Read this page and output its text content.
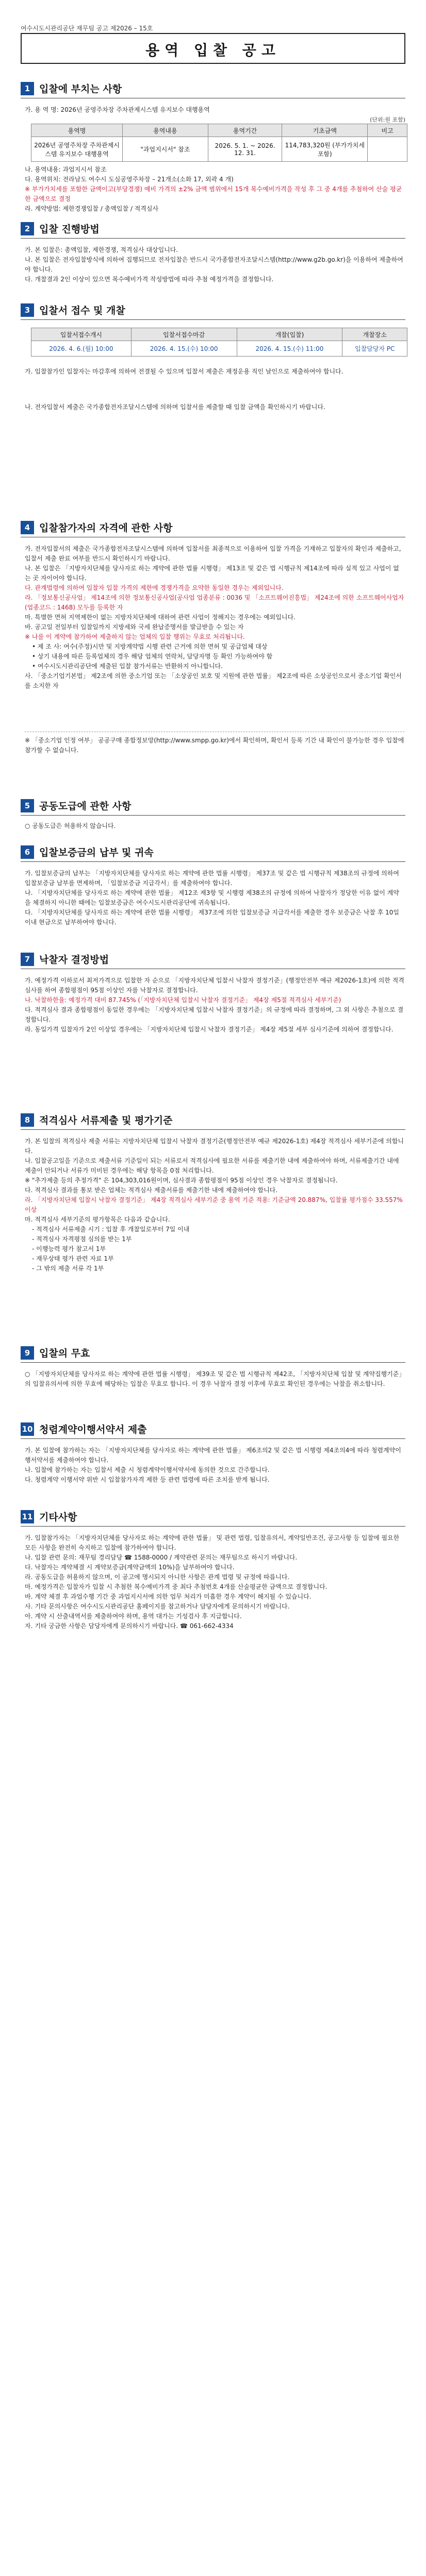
여수시도시관리공단 재무팀 공고 제2026 – 15호
용역 입찰 공고
1 입찰에 부치는 사항
가. 용 역 명: 2026년 공영주차장 주차관제시스템 유지보수 대행용역
(단위:원 포함)
용역명	용역내용	용역기간	기초금액	비고
2026년 공영주차장 주차관제시스템 유지보수 대행용역	"과업지시서" 참조	2026. 5. 1. ~ 2026. 12. 31.	114,783,320원 (부가가치세 포함)	
나. 용역내용: 과업지시서 참조
다. 용역위치: 전라남도 여수시 도심공영주차장 – 21개소(소화 17, 외곽 4 개)
※ 부가가치세를 포함한 금액이고(부당경쟁) 예비 가격의 ±2% 금액 범위에서 15개 복수예비가격을 작성 후 그 중 4개를 추첨하여 산술 평균한 금액으로 결정
라. 계약방법: 제한경쟁입찰 / 총액입찰 / 적격심사
2 입찰 진행방법
가. 본 입찰은: 총액입찰, 제한경쟁, 적격심사 대상입니다.
나. 본 입찰은 전자입찰방식에 의하여 집행되므로 전자입찰은 반드시 국가종합전자조달시스템(http://www.g2b.go.kr)을 이용하여 제출하여야 합니다.
다. 개찰결과 2인 이상이 있으면 복수예비가격 작성방법에 따라 추첨 예정가격을 결정합니다.
3 입찰서 접수 및 개찰
입찰서접수개시	입찰서접수마감	개찰(입찰)	개찰장소
2026. 4. 6.(월) 10:00	2026. 4. 15.(수) 10:00	2026. 4. 15.(수) 11:00	입찰담당자 PC
가. 입찰참가인 입찰자는 마감후에 의하여 전결될 수 있으며 입찰서 제출은 재정운용 직인 날인으로 제출하여야 합니다.
나. 전자입찰서 제출은 국가종합전자조달시스템에 의하며 입찰서를 제출할 때 입찰 금액을 확인하시기 바랍니다.
4 입찰참가자의 자격에 관한 사항
가. 전자입찰서의 제출은 국가종합전자조달시스템에 의하며 입찰서를 최종적으로 이용하여 입찰 가격을 기재하고 입찰자의 확인과 제출하고, 입찰서 제출 완료 여부를 반드시 확인하시기 바랍니다.
나. 본 입찰은 「지방자치단체를 당사자로 하는 계약에 관한 법률 시행령」 제13조 및 같은 법 시행규칙 제14조에 따라 실적 있고 사업이 없는 곳 자이어야 합니다.
다. 관계법령에 의하여 입찰자 입찰 가격의 제한에 경쟁가격을 요약한 동일한 경우는 제외입니다.
라. 「정보통신공사업」 제14조에 의한 정보통신공사업(공사업 업종분류 : 0036 및 「소프트웨어진흥법」 제24조에 의한 소프트웨어사업자(업종코드 : 1468) 모두를 등록한 자
마. 특별한 면허 지역제한이 없는 지방자치단체에 대하여 관련 사업이 정해지는 경우에는 예외입니다.
바. 공고일 전일부터 입찰일까지 지방세와 국세 완납증명서를 발급받을 수 있는 자
※ 나를 이 계약에 참가하여 제출하지 않는 업체의 입찰 행위는 무효로 처리됩니다.
• 제 조 사: 여수(주정)시만 및 지방계약법 시행 관련 근거에 의한 면허 및 공급업체 대상
• 상기 내용에 따른 등록업체의 경우 해당 업체의 연락처, 담당자명 등 확인 가능하여야 함
• 여수시도시관리공단에 제출된 입찰 참가서류는 반환하지 아니합니다.
사. 「중소기업기본법」 제2조에 의한 중소기업 또는 「소상공인 보호 및 지원에 관한 법률」 제2조에 따른 소상공인으로서 중소기업 확인서를 소지한 자
※ 「중소기업 인정 여부」 공공구매 종합정보망(http://www.smpp.go.kr)에서 확인하며, 확인서 등록 기간 내 확인이 불가능한 경우 입찰에 참가할 수 없습니다.
5 공동도급에 관한 사항
○ 공동도급은 허용하지 않습니다.
6 입찰보증금의 납부 및 귀속
가. 입찰보증금의 납부는 「지방자치단체를 당사자로 하는 계약에 관한 법률 시행령」 제37조 및 같은 법 시행규칙 제38조의 규정에 의하여 입찰보증금 납부를 면제하며, 「입찰보증금 지급각서」를 제출하여야 합니다.
나. 「지방자치단체를 당사자로 하는 계약에 관한 법률」 제12조 제3항 및 시행령 제38조의 규정에 의하여 낙찰자가 정당한 이유 없이 계약을 체결하지 아니한 때에는 입찰보증금은 여수시도시관리공단에 귀속됩니다.
다. 「지방자치단체를 당사자로 하는 계약에 관한 법률 시행령」 제37조에 의한 입찰보증금 지급각서를 제출한 경우 보증금은 낙찰 후 10일 이내 현금으로 납부하여야 합니다.
7 낙찰자 결정방법
가. 예정가격 이하로서 최저가격으로 입찰한 자 순으로 「지방자치단체 입찰시 낙찰자 결정기준」(행정안전부 예규 제2026-1호)에 의한 적격심사를 하여 종합평점이 95점 이상인 자를 낙찰자로 결정합니다.
나. 낙찰하한율: 예정가격 대비 87.745% (「지방자치단체 입찰시 낙찰자 결정기준」 제4장 제5절 적격심사 세부기준)
다. 적격심사 결과 종합평점이 동일한 경우에는 「지방자치단체 입찰시 낙찰자 결정기준」의 규정에 따라 결정하며, 그 외 사항은 추첨으로 결정합니다.
라. 동일가격 입찰자가 2인 이상일 경우에는 「지방자치단체 입찰시 낙찰자 결정기준」 제4장 제5절 세부 심사기준에 의하여 결정합니다.
8 적격심사 서류제출 및 평가기준
가. 본 입찰의 적격심사 제출 서류는 지방자치단체 입찰시 낙찰자 결정기준(행정안전부 예규 제2026-1호) 제4장 적격심사 세부기준에 의합니다.
나. 입찰공고일을 기준으로 제출서류 기준일이 되는 서류로서 적격심사에 필요한 서류를 제출기한 내에 제출하여야 하며, 서류제출기간 내에 제출이 안되거나 서류가 미비된 경우에는 해당 항목을 0점 처리합니다.
※ "추가제출 등의 추정가격" 은 104,303,016원이며, 심사결과 종합평점이 95점 이상인 경우 낙찰자로 결정됩니다.
다. 적격심사 결과를 통보 받은 업체는 적격심사 제출서류를 제출기한 내에 제출하여야 합니다.
라. 「지방자치단체 입찰시 낙찰자 결정기준」 제4장 적격심사 세부기준 중 용역 기준 적용: 기준금액 20.887%, 입찰률 평가점수 33.557% 이상
마. 적격심사 세부기준의 평가항목은 다음과 같습니다.
- 적격심사 서류제출 시기 : 입찰 후 개찰일로부터 7일 이내
- 적격심사 자격평점 심의를 받는 1부
- 이행능력 평가 참고서 1부
- 재무상태 평가 관련 자료 1부
- 그 밖의 제출 서류 각 1부
9 입찰의 무효
○ 「지방자치단체를 당사자로 하는 계약에 관한 법률 시행령」 제39조 및 같은 법 시행규칙 제42조, 「지방자치단체 입찰 및 계약집행기준」의 입찰유의서에 의한 무효에 해당하는 입찰은 무효로 합니다. 이 경우 낙찰자 결정 이후에 무효로 확인된 경우에는 낙찰을 취소합니다.
10 청렴계약이행서약서 제출
가. 본 입찰에 참가하는 자는 「지방자치단체를 당사자로 하는 계약에 관한 법률」 제6조의2 및 같은 법 시행령 제4조의4에 따라 청렴계약이행서약서를 제출하여야 합니다.
나. 입찰에 참가하는 자는 입찰서 제출 시 청렴계약이행서약서에 동의한 것으로 간주합니다.
다. 청렴계약 이행서약 위반 시 입찰참가자격 제한 등 관련 법령에 따른 조치를 받게 됩니다.
11 기타사항
가. 입찰참가자는 「지방자치단체를 당사자로 하는 계약에 관한 법률」 및 관련 법령, 입찰유의서, 계약일반조건, 공고사항 등 입찰에 필요한 모든 사항을 완전히 숙지하고 입찰에 참가하여야 합니다.
나. 입찰 관련 문의: 재무팀 경리담당 ☎ 1588-0000 / 계약관련 문의는 재무팀으로 하시기 바랍니다.
다. 낙찰자는 계약체결 시 계약보증금(계약금액의 10%)을 납부하여야 합니다.
라. 공동도급을 허용하지 않으며, 이 공고에 명시되지 아니한 사항은 관계 법령 및 규정에 따릅니다.
마. 예정가격은 입찰자가 입찰 시 추첨한 복수예비가격 중 최다 추첨번호 4개를 산술평균한 금액으로 결정합니다.
바. 계약 체결 후 과업수행 기간 중 과업지시서에 의한 업무 처리가 미흡한 경우 계약이 해지될 수 있습니다.
사. 기타 문의사항은 여수시도시관리공단 홈페이지를 참고하거나 담당자에게 문의하시기 바랍니다.
아. 계약 시 산출내역서를 제출하여야 하며, 용역 대가는 기성검사 후 지급합니다.
자. 기타 궁금한 사항은 담당자에게 문의하시기 바랍니다. ☎ 061-662-4334
